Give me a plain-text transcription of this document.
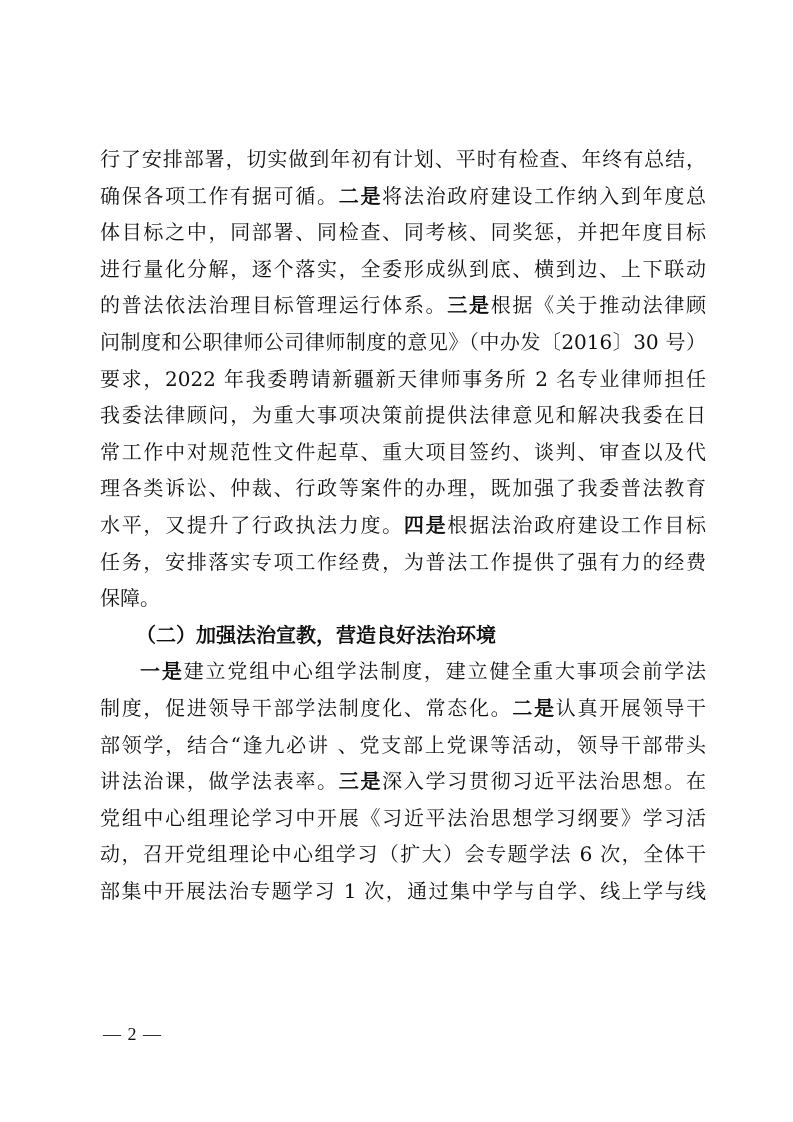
行了安排部署，切实做到年初有计划、平时有检查、年终有总结，
确保各项工作有据可循。二是将法治政府建设工作纳入到年度总
体目标之中，同部署、同检查、同考核、同奖惩，并把年度目标
进行量化分解，逐个落实，全委形成纵到底、横到边、上下联动
的普法依法治理目标管理运行体系。三是根据《关于推动法律顾
问制度和公职律师公司律师制度的意见》（中办发〔2016〕30 号）
要求，2022 年我委聘请新疆新天律师事务所 2 名专业律师担任
我委法律顾问，为重大事项决策前提供法律意见和解决我委在日
常工作中对规范性文件起草、重大项目签约、谈判、审查以及代
理各类诉讼、仲裁、行政等案件的办理，既加强了我委普法教育
水平，又提升了行政执法力度。四是根据法治政府建设工作目标
任务，安排落实专项工作经费，为普法工作提供了强有力的经费
保障。
（二）加强法治宣教，营造良好法治环境
一是建立党组中心组学法制度，建立健全重大事项会前学法
制度，促进领导干部学法制度化、常态化。二是认真开展领导干
部领学，结合“逢九必讲 、党支部上党课等活动，领导干部带头
讲法治课，做学法表率。三是深入学习贯彻习近平法治思想。在
党组中心组理论学习中开展《习近平法治思想学习纲要》学习活
动，召开党组理论中心组学习（扩大）会专题学法 6 次，全体干
部集中开展法治专题学习 1 次，通过集中学与自学、线上学与线
— 2 —
